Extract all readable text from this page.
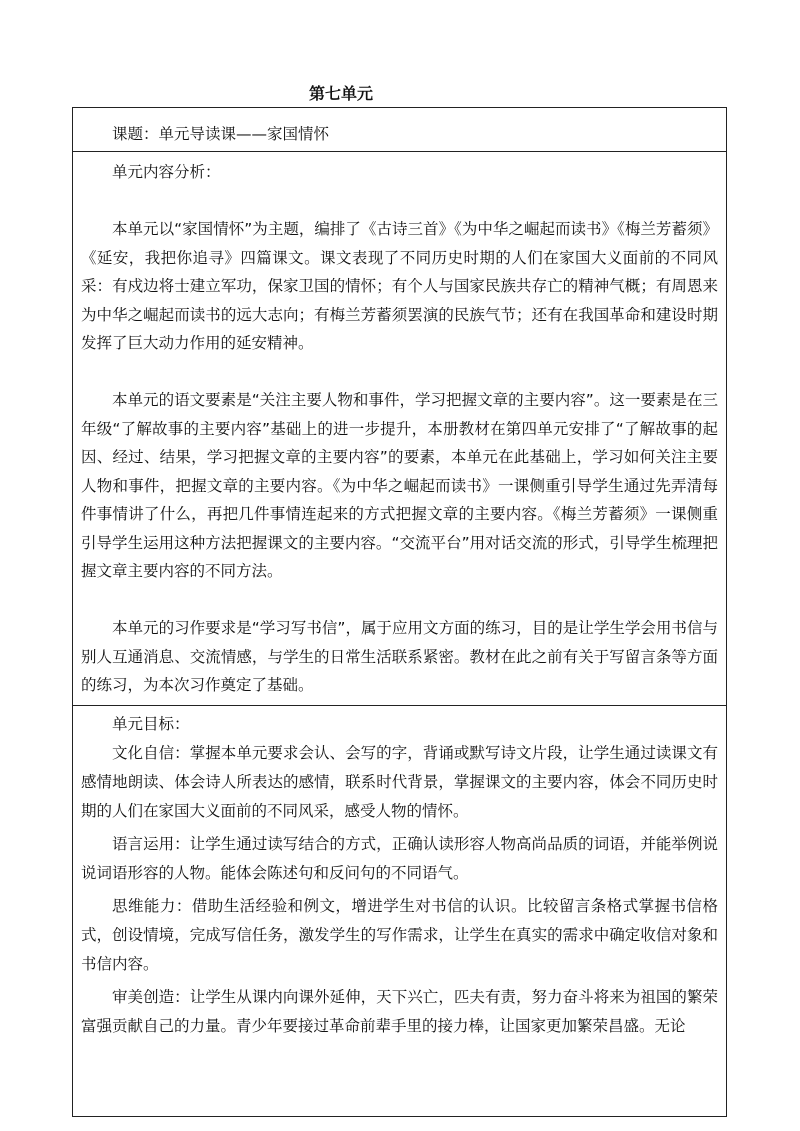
第七单元
课题：单元导读课——家国情怀
单元内容分析：

本单元以“家国情怀”为主题，编排了《古诗三首》《为中华之崛起而读书》《梅兰芳蓄须》《延安，我把你追寻》四篇课文。课文表现了不同历史时期的人们在家国大义面前的不同风采：有戍边将士建立军功，保家卫国的情怀；有个人与国家民族共存亡的精神气概；有周恩来为中华之崛起而读书的远大志向；有梅兰芳蓄须罢演的民族气节；还有在我国革命和建设时期发挥了巨大动力作用的延安精神。

本单元的语文要素是“关注主要人物和事件，学习把握文章的主要内容”。这一要素是在三年级“了解故事的主要内容”基础上的进一步提升，本册教材在第四单元安排了“了解故事的起因、经过、结果，学习把握文章的主要内容”的要素，本单元在此基础上，学习如何关注主要人物和事件，把握文章的主要内容。《为中华之崛起而读书》一课侧重引导学生通过先弄清每件事情讲了什么，再把几件事情连起来的方式把握文章的主要内容。《梅兰芳蓄须》一课侧重引导学生运用这种方法把握课文的主要内容。“交流平台”用对话交流的形式，引导学生梳理把握文章主要内容的不同方法。

本单元的习作要求是“学习写书信”，属于应用文方面的练习，目的是让学生学会用书信与别人互通消息、交流情感，与学生的日常生活联系紧密。教材在此之前有关于写留言条等方面的练习，为本次习作奠定了基础。

单元目标：

文化自信：掌握本单元要求会认、会写的字，背诵或默写诗文片段，让学生通过读课文有感情地朗读、体会诗人所表达的感情，联系时代背景，掌握课文的主要内容，体会不同历史时期的人们在家国大义面前的不同风采，感受人物的情怀。

语言运用：让学生通过读写结合的方式，正确认读形容人物高尚品质的词语，并能举例说说词语形容的人物。能体会陈述句和反问句的不同语气。

思维能力：借助生活经验和例文，增进学生对书信的认识。比较留言条格式掌握书信格式，创设情境，完成写信任务，激发学生的写作需求，让学生在真实的需求中确定收信对象和书信内容。

审美创造：让学生从课内向课外延伸，天下兴亡，匹夫有责，努力奋斗将来为祖国的繁荣富强贡献自己的力量。青少年要接过革命前辈手里的接力棒，让国家更加繁荣昌盛。无论
